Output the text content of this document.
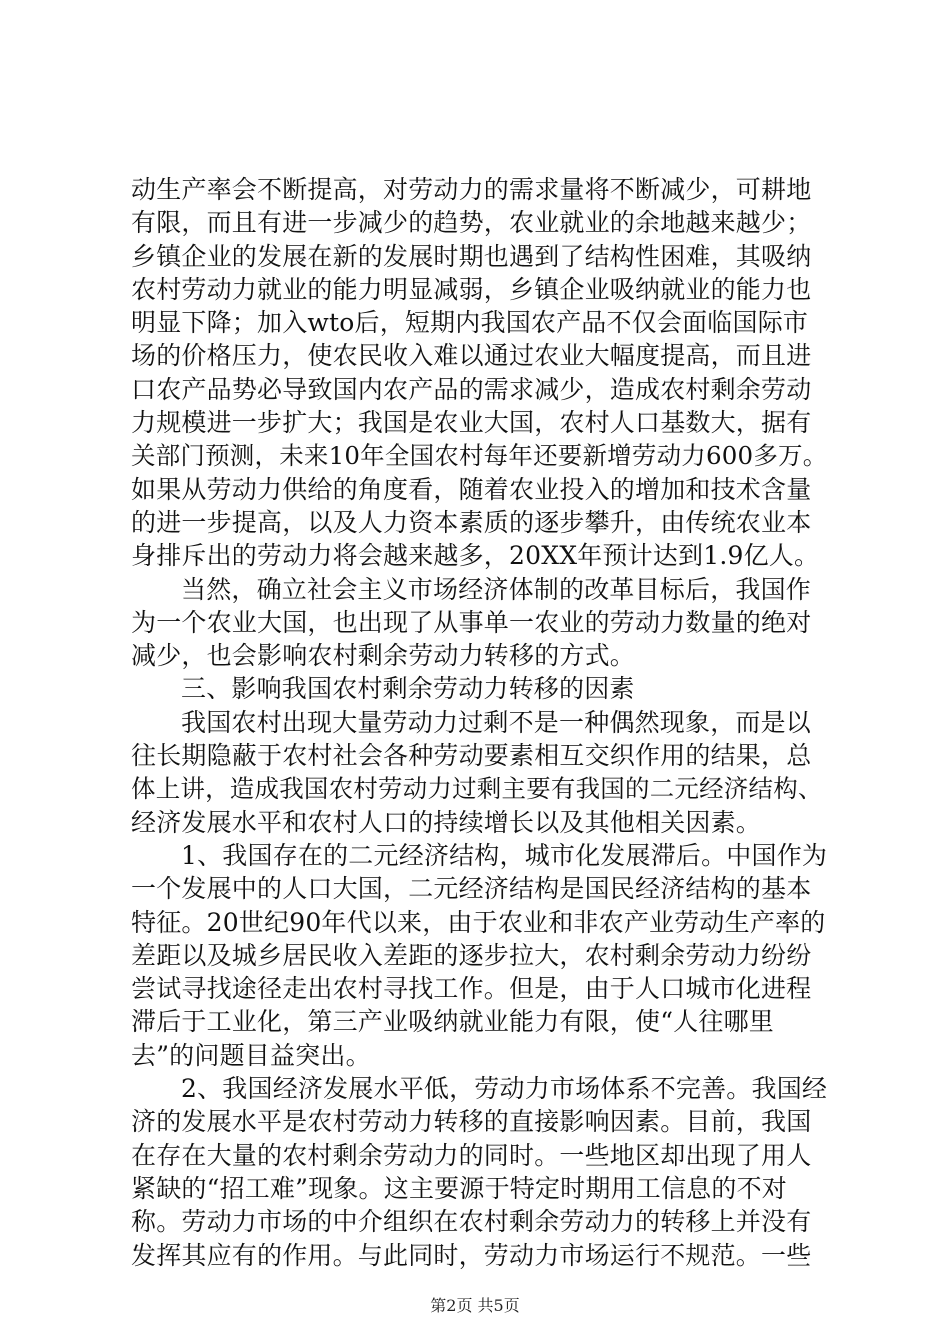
动生产率会不断提高，对劳动力的需求量将不断减少，可耕地
有限，而且有进一步减少的趋势，农业就业的余地越来越少；
乡镇企业的发展在新的发展时期也遇到了结构性困难，其吸纳
农村劳动力就业的能力明显减弱，乡镇企业吸纳就业的能力也
明显下降；加入wto后，短期内我国农产品不仅会面临国际市
场的价格压力，使农民收入难以通过农业大幅度提高，而且进
口农产品势必导致国内农产品的需求减少，造成农村剩余劳动
力规模进一步扩大；我国是农业大国，农村人口基数大，据有
关部门预测，未来10年全国农村每年还要新增劳动力600多万。
如果从劳动力供给的角度看，随着农业投入的增加和技术含量
的进一步提高，以及人力资本素质的逐步攀升，由传统农业本
身排斥出的劳动力将会越来越多，20XX年预计达到1.9亿人。
当然，确立社会主义市场经济体制的改革目标后，我国作
为一个农业大国，也出现了从事单一农业的劳动力数量的绝对
减少，也会影响农村剩余劳动力转移的方式。
三、影响我国农村剩余劳动力转移的因素
我国农村出现大量劳动力过剩不是一种偶然现象，而是以
往长期隐蔽于农村社会各种劳动要素相互交织作用的结果，总
体上讲，造成我国农村劳动力过剩主要有我国的二元经济结构、
经济发展水平和农村人口的持续增长以及其他相关因素。
1、我国存在的二元经济结构，城市化发展滞后。中国作为
一个发展中的人口大国，二元经济结构是国民经济结构的基本
特征。20世纪90年代以来，由于农业和非农产业劳动生产率的
差距以及城乡居民收入差距的逐步拉大，农村剩余劳动力纷纷
尝试寻找途径走出农村寻找工作。但是，由于人口城市化进程
滞后于工业化，第三产业吸纳就业能力有限，使“人往哪里
去”的问题目益突出。
2、我国经济发展水平低，劳动力市场体系不完善。我国经
济的发展水平是农村劳动力转移的直接影响因素。目前，我国
在存在大量的农村剩余劳动力的同时。一些地区却出现了用人
紧缺的“招工难”现象。这主要源于特定时期用工信息的不对
称。劳动力市场的中介组织在农村剩余劳动力的转移上并没有
发挥其应有的作用。与此同时，劳动力市场运行不规范。一些
第2页 共5页
